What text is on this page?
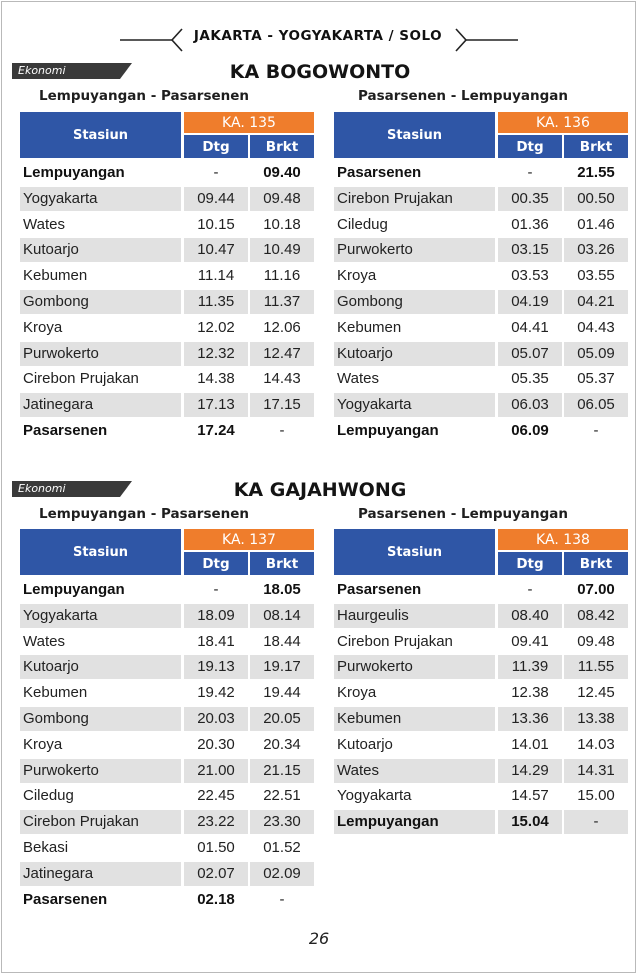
JAKARTA - YOGYAKARTA / SOLO
Ekonomi AC
KA BOGOWONTO
Lempuyangan - Pasarsenen	Pasarsenen - Lempuyangan
Stasiun
KA. 135
Dtg	Brkt
Lempuyangan	-	09.40
Yogyakarta	09.44	09.48
Wates	10.15	10.18
Kutoarjo	10.47	10.49
Kebumen	11.14	11.16
Gombong	11.35	11.37
Kroya	12.02	12.06
Purwokerto	12.32	12.47
Cirebon Prujakan	14.38	14.43
Jatinegara	17.13	17.15
Pasarsenen	17.24	-
Stasiun
KA. 136
Dtg	Brkt
Pasarsenen	-	21.55
Cirebon Prujakan	00.35	00.50
Ciledug	01.36	01.46
Purwokerto	03.15	03.26
Kroya	03.53	03.55
Gombong	04.19	04.21
Kebumen	04.41	04.43
Kutoarjo	05.07	05.09
Wates	05.35	05.37
Yogyakarta	06.03	06.05
Lempuyangan	06.09	-
Ekonomi AC
KA GAJAHWONG
Lempuyangan - Pasarsenen	Pasarsenen - Lempuyangan
Stasiun
KA. 137
Dtg	Brkt
Lempuyangan	-	18.05
Yogyakarta	18.09	08.14
Wates	18.41	18.44
Kutoarjo	19.13	19.17
Kebumen	19.42	19.44
Gombong	20.03	20.05
Kroya	20.30	20.34
Purwokerto	21.00	21.15
Ciledug	22.45	22.51
Cirebon Prujakan	23.22	23.30
Bekasi	01.50	01.52
Jatinegara	02.07	02.09
Pasarsenen	02.18	-
Stasiun
KA. 138
Dtg	Brkt
Pasarsenen	-	07.00
Haurgeulis	08.40	08.42
Cirebon Prujakan	09.41	09.48
Purwokerto	11.39	11.55
Kroya	12.38	12.45
Kebumen	13.36	13.38
Kutoarjo	14.01	14.03
Wates	14.29	14.31
Yogyakarta	14.57	15.00
Lempuyangan	15.04	-
26
